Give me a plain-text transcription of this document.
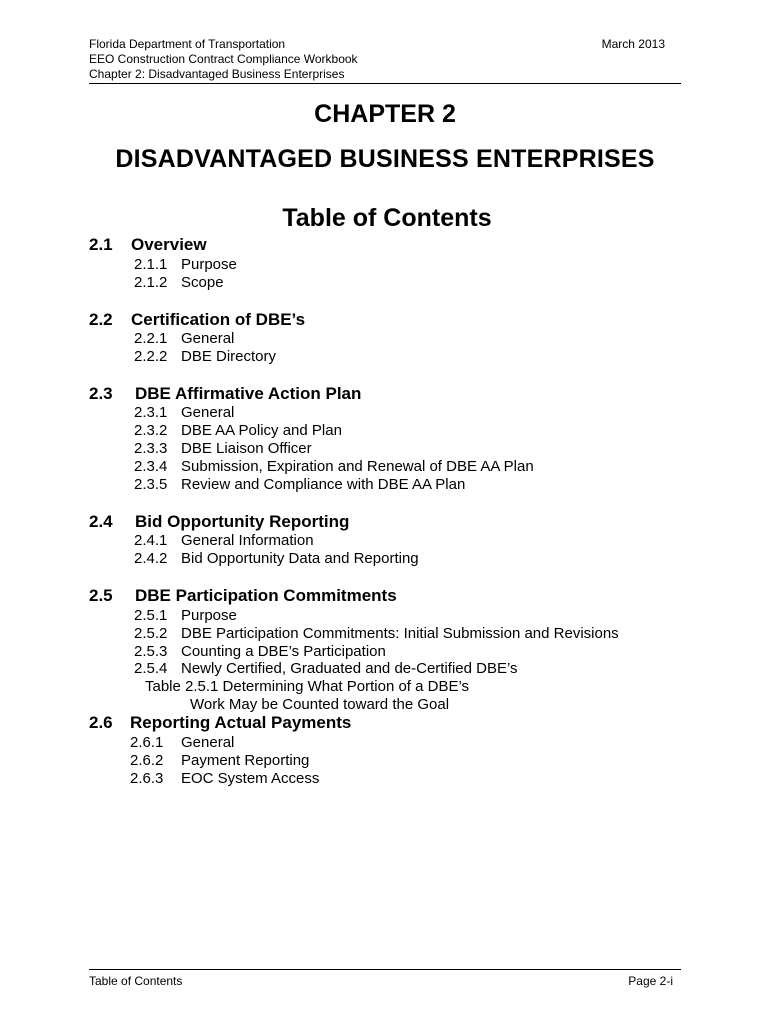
Florida Department of Transportation
EEO Construction Contract Compliance Workbook
Chapter 2: Disadvantaged Business Enterprises
March 2013
CHAPTER 2
DISADVANTAGED BUSINESS ENTERPRISES
Table of Contents
2.1 Overview
2.1.1 Purpose
2.1.2 Scope
2.2 Certification of DBE’s
2.2.1 General
2.2.2 DBE Directory
2.3 DBE Affirmative Action Plan
2.3.1 General
2.3.2 DBE AA Policy and Plan
2.3.3 DBE Liaison Officer
2.3.4 Submission, Expiration and Renewal of DBE AA Plan
2.3.5 Review and Compliance with DBE AA Plan
2.4 Bid Opportunity Reporting
2.4.1 General Information
2.4.2 Bid Opportunity Data and Reporting
2.5 DBE Participation Commitments
2.5.1 Purpose
2.5.2 DBE Participation Commitments: Initial Submission and Revisions
2.5.3 Counting a DBE’s Participation
2.5.4 Newly Certified, Graduated and de-Certified DBE’s
Table 2.5.1 Determining What Portion of a DBE’s
Work May be Counted toward the Goal
2.6 Reporting Actual Payments
2.6.1 General
2.6.2 Payment Reporting
2.6.3 EOC System Access
Table of Contents	Page 2-i
